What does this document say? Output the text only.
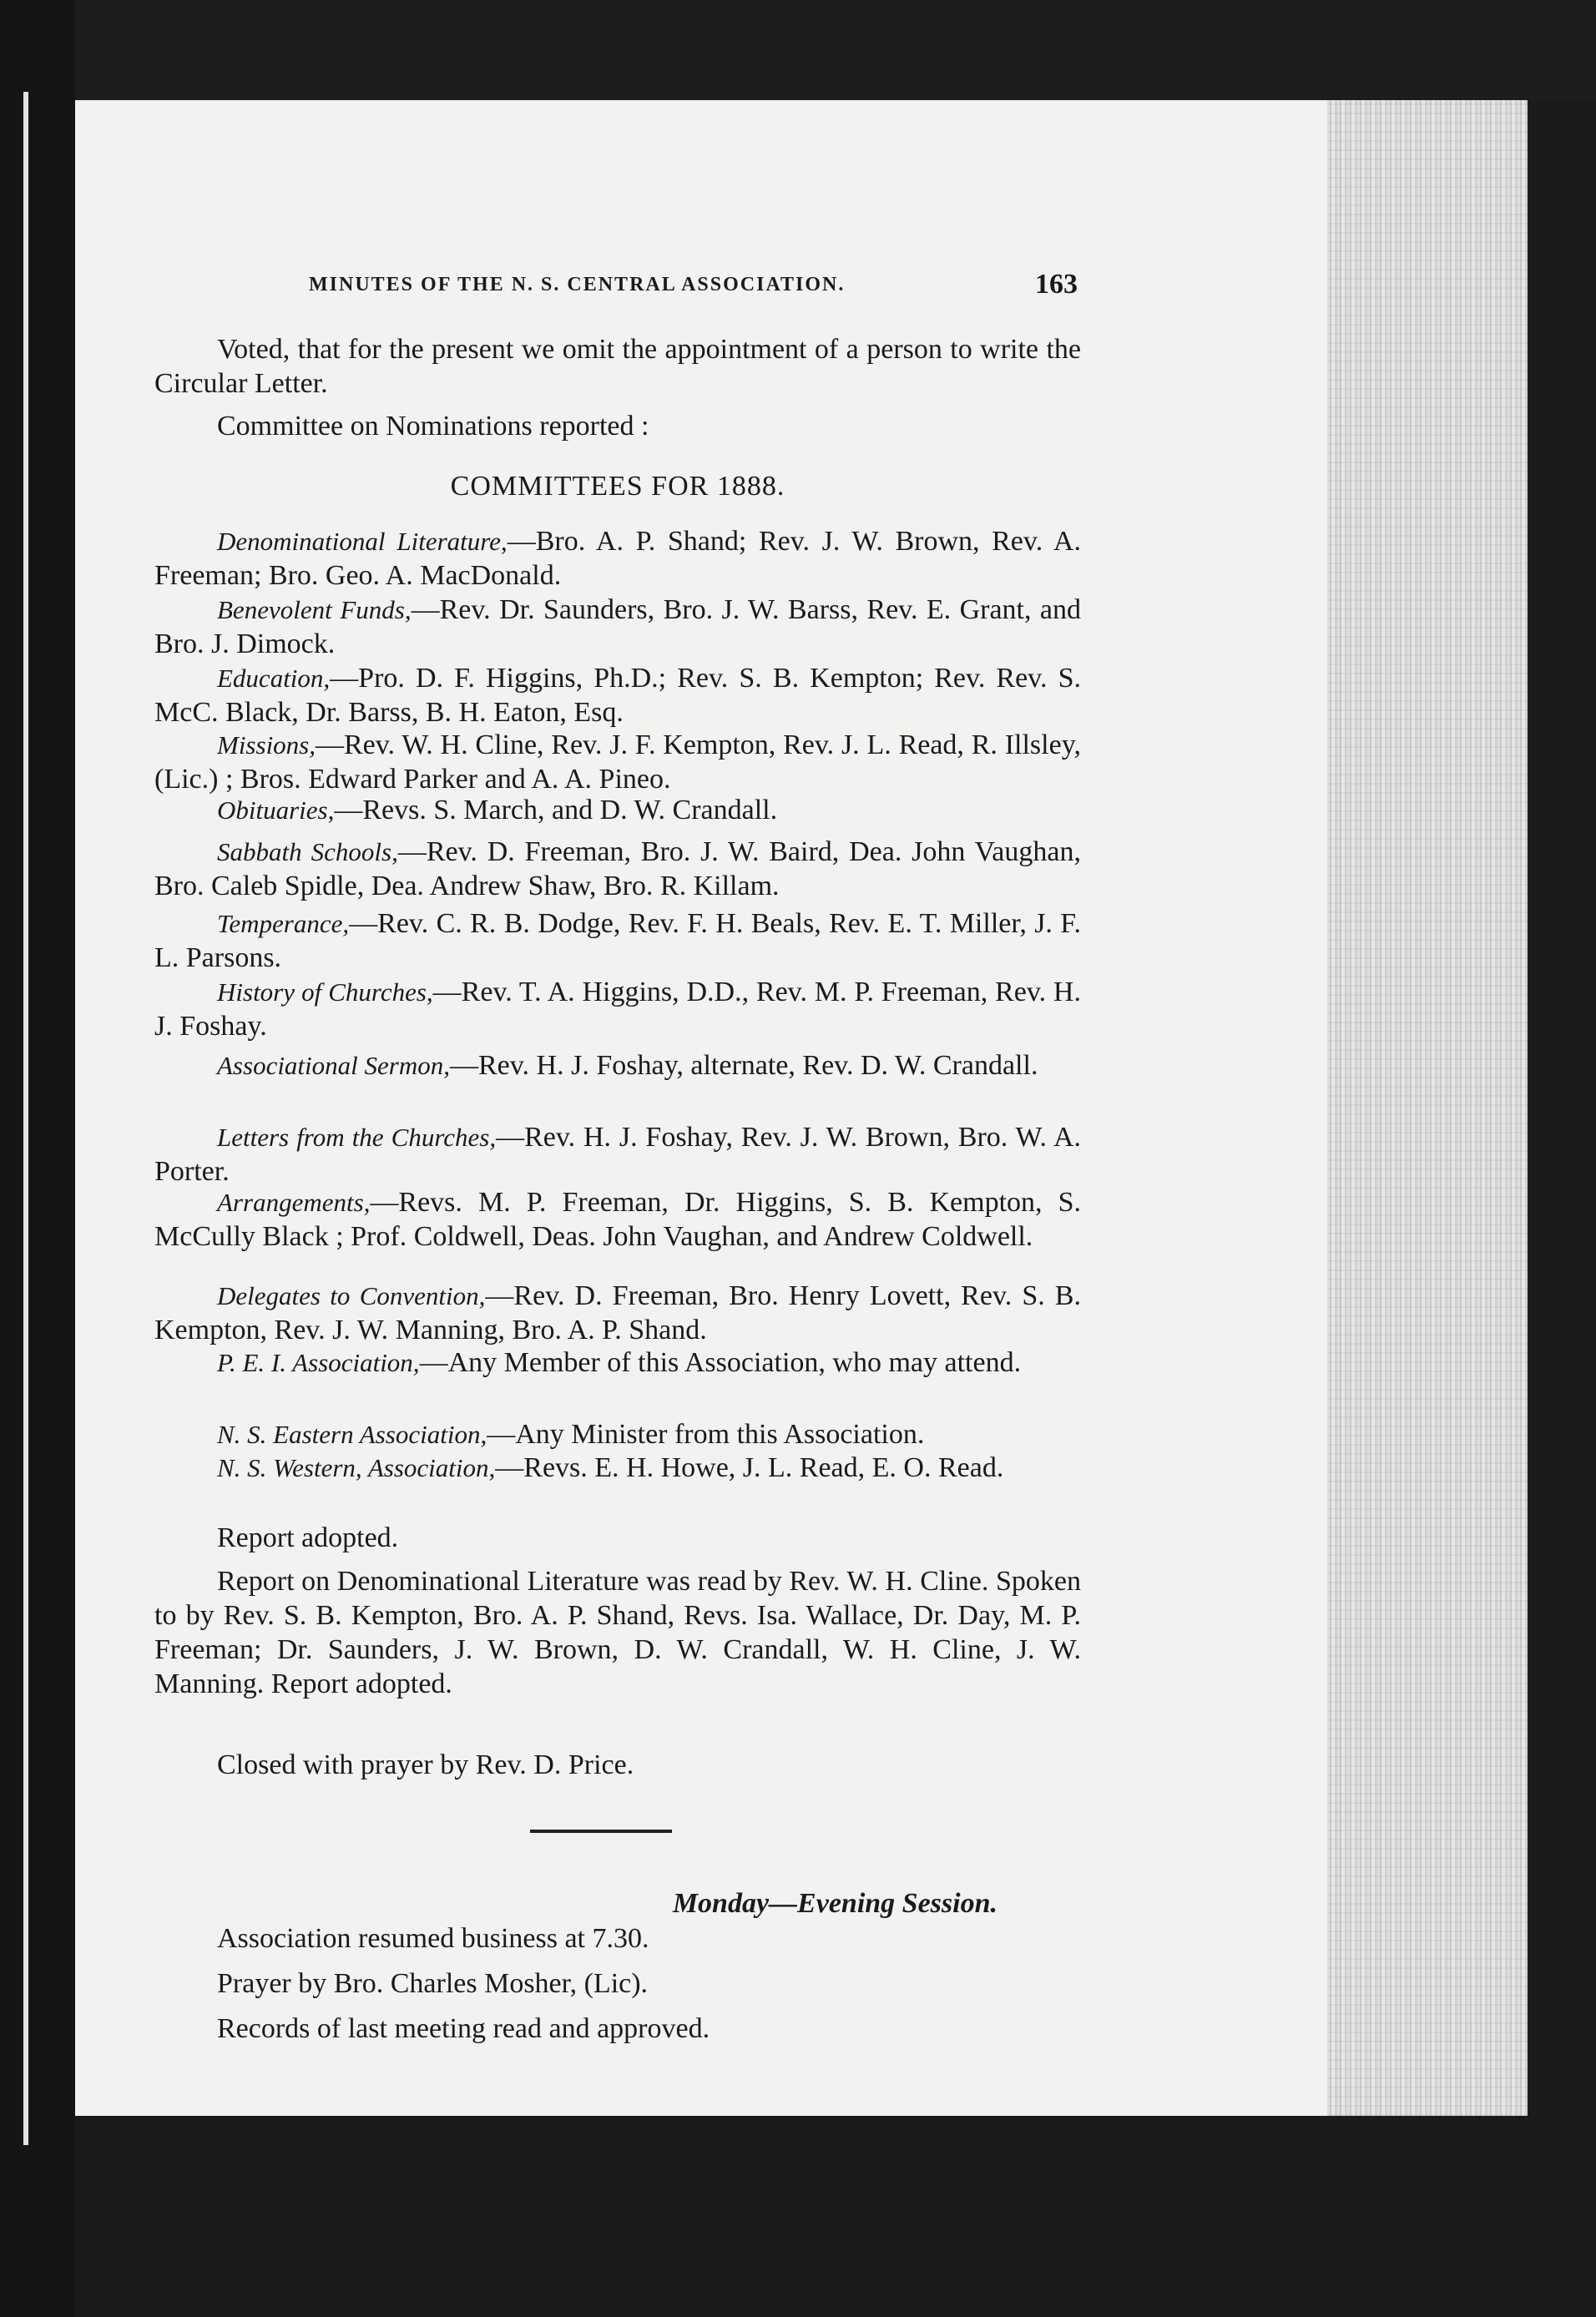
MINUTES OF THE N. S. CENTRAL ASSOCIATION.	163
Voted, that for the present we omit the appointment of a person to write the Circular Letter.
Committee on Nominations reported :
COMMITTEES FOR 1888.
Denominational Literature,—Bro. A. P. Shand; Rev. J. W. Brown, Rev. A. Freeman; Bro. Geo. A. MacDonald.
Benevolent Funds,—Rev. Dr. Saunders, Bro. J. W. Barss, Rev. E. Grant, and Bro. J. Dimock.
Education,—Pro. D. F. Higgins, Ph.D.; Rev. S. B. Kempton; Rev. Rev. S. McC. Black, Dr. Barss, B. H. Eaton, Esq.
Missions,—Rev. W. H. Cline, Rev. J. F. Kempton, Rev. J. L. Read, R. Illsley, (Lic.) ; Bros. Edward Parker and A. A. Pineo.
Obituaries,—Revs. S. March, and D. W. Crandall.
Sabbath Schools,—Rev. D. Freeman, Bro. J. W. Baird, Dea. John Vaughan, Bro. Caleb Spidle, Dea. Andrew Shaw, Bro. R. Killam.
Temperance,—Rev. C. R. B. Dodge, Rev. F. H. Beals, Rev. E. T. Miller, J. F. L. Parsons.
History of Churches,—Rev. T. A. Higgins, D.D., Rev. M. P. Freeman, Rev. H. J. Foshay.
Associational Sermon,—Rev. H. J. Foshay, alternate, Rev. D. W. Crandall.
Letters from the Churches,—Rev. H. J. Foshay, Rev. J. W. Brown, Bro. W. A. Porter.
Arrangements,—Revs. M. P. Freeman, Dr. Higgins, S. B. Kempton, S. McCully Black ; Prof. Coldwell, Deas. John Vaughan, and Andrew Coldwell.
Delegates to Convention,—Rev. D. Freeman, Bro. Henry Lovett, Rev. S. B. Kempton, Rev. J. W. Manning, Bro. A. P. Shand.
P. E. I. Association,—Any Member of this Association, who may attend.
N. S. Eastern Association,—Any Minister from this Association.
N. S. Western, Association,—Revs. E. H. Howe, J. L. Read, E. O. Read.
Report adopted.
Report on Denominational Literature was read by Rev. W. H. Cline. Spoken to by Rev. S. B. Kempton, Bro. A. P. Shand, Revs. Isa. Wallace, Dr. Day, M. P. Freeman; Dr. Saunders, J. W. Brown, D. W. Crandall, W. H. Cline, J. W. Manning. Report adopted.
Closed with prayer by Rev. D. Price.
Monday—Evening Session.
Association resumed business at 7.30.
Prayer by Bro. Charles Mosher, (Lic).
Records of last meeting read and approved.
